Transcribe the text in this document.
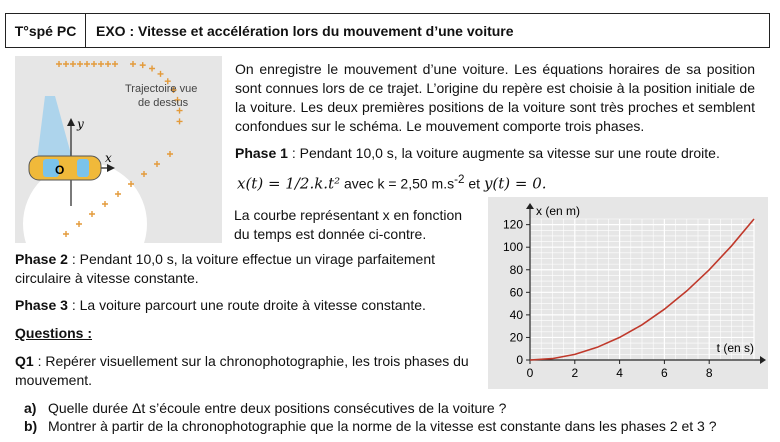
T°spé PC	EXO : Vitesse et accélération lors du mouvement d’une voiture
Trajectoire vue
de dessus
y
x
O
On enregistre le mouvement d’une voiture. Les équations horaires de sa position sont connues lors de ce trajet. L’origine du repère est choisie à la position initiale de la voiture. Les deux premières positions de la voiture sont très proches et semblent confondues sur le schéma. Le mouvement comporte trois phases.
Phase 1 : Pendant 10,0 s, la voiture augmente sa vitesse sur une route droite.
x(t) = 1/2.k.t² avec k = 2,50 $m.s^{-2}$ et y(t) = 0.
La courbe représentant x en fonction du temps est donnée ci-contre.
0
20
40
60
80
100
120
0	2	4	6	8
x (en m)
t (en s)
Phase 2 : Pendant 10,0 s, la voiture effectue un virage parfaitement circulaire à vitesse constante.
Phase 3 : La voiture parcourt une route droite à vitesse constante.
Questions :
Q1 : Repérer visuellement sur la chronophotographie, les trois phases du mouvement.
a) Quelle durée Δt s’écoule entre deux positions consécutives de la voiture ?
b) Montrer à partir de la chronophotographie que la norme de la vitesse est constante dans les phases 2 et 3 ?
